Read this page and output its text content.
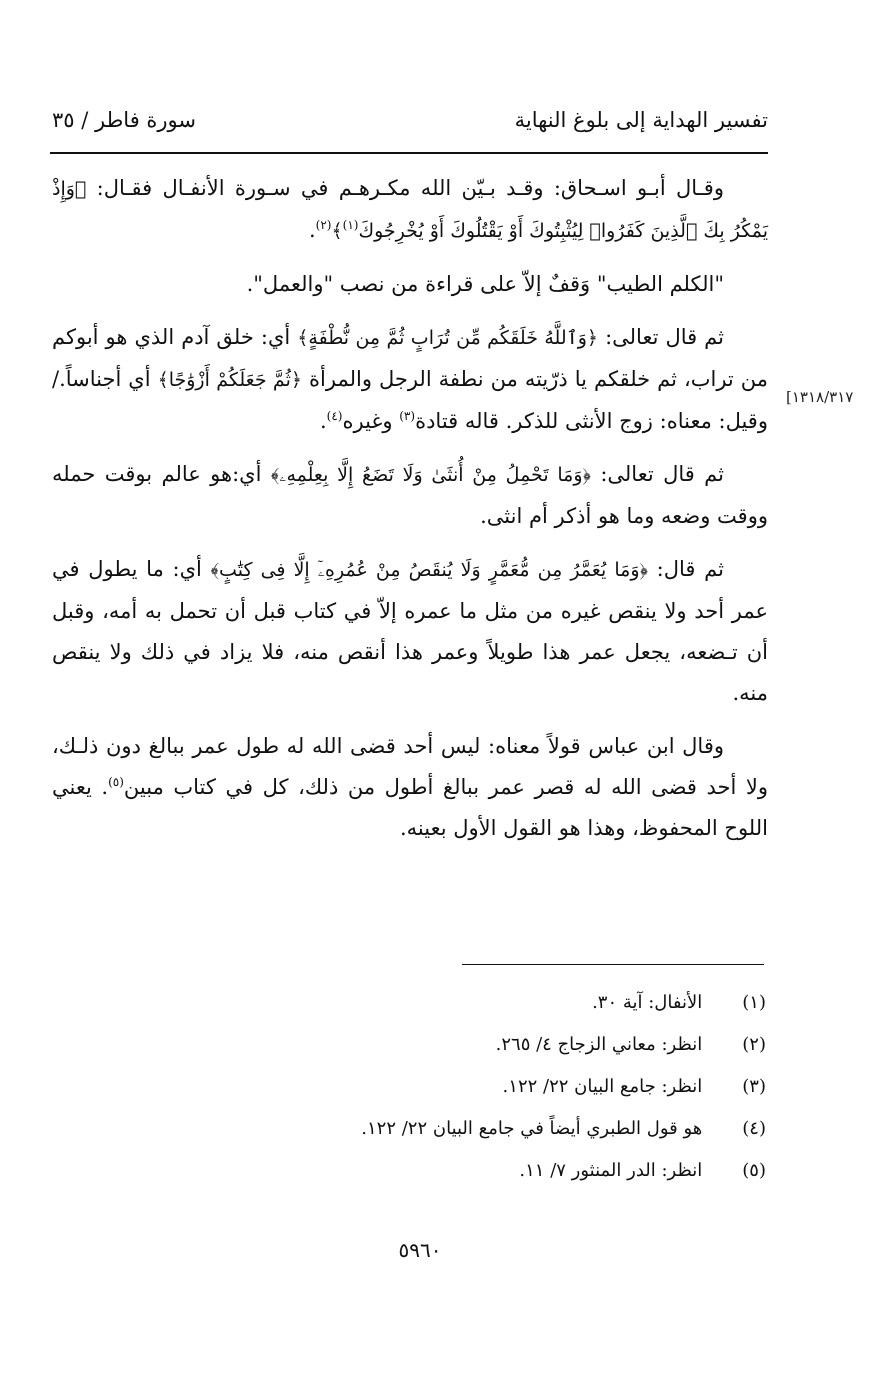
تفسير الهداية إلى بلوغ النهاية
سورة فاطر / ٣٥
[١٣١٨/٣١٧

وقـال أبـو اسـحاق: وقـد بـيّن الله مكـرهـم في سـورة الأنفـال فقـال: ﴿وَإِذْ يَمْكُرُ بِكَ ٱلَّذِينَ كَفَرُوا۟ لِيُثْبِتُوكَ أَوْ يَقْتُلُوكَ أَوْ يُخْرِجُوكَ$^{(١)}$﴾$^{(٢)}$.

"الكلم الطيب" وَقفٌ إلاّ على قراءة من نصب "والعمل".

ثم قال تعالى: ﴿وَٱللَّهُ خَلَقَكُم مِّن تُرَابٍ ثُمَّ مِن نُّطْفَةٍ﴾ أي: خلق آدم الذي هو أبوكم من تراب، ثم خلقكم يا ذرّيته من نطفة الرجل والمرأة ﴿ثُمَّ جَعَلَكُمْ أَزْوَٰجًا﴾ أي أجناساً./ وقيل: معناه: زوج الأنثى للذكر. قاله قتادة$^{(٣)}$ وغيره$^{(٤)}$.

ثم قال تعالى: ﴿وَمَا تَحْمِلُ مِنْ أُنثَىٰ وَلَا تَضَعُ إِلَّا بِعِلْمِهِۦ﴾ أي:هو عالم بوقت حمله ووقت وضعه وما هو أذكر أم انثى.

ثم قال: ﴿وَمَا يُعَمَّرُ مِن مُّعَمَّرٍ وَلَا يُنقَصُ مِنْ عُمُرِهِۦٓ إِلَّا فِى كِتَٰبٍ﴾ أي: ما يطول في عمر أحد ولا ينقص غيره من مثل ما عمره إلاّ في كتاب قبل أن تحمل به أمه، وقبل أن تـضعه، يجعل عمر هذا طويلاً وعمر هذا أنقص منه، فلا يزاد في ذلك ولا ينقص منه.

وقال ابن عباس قولاً معناه: ليس أحد قضى الله له طول عمر ببالغ دون ذلـك، ولا أحد قضى الله له قصر عمر ببالغ أطول من ذلك، كل في كتاب مبين$^{(٥)}$. يعني اللوح المحفوظ، وهذا هو القول الأول بعينه.

(١) الأنفال: آية ٣٠.
(٢) انظر: معاني الزجاج ٤/ ٢٦٥.
(٣) انظر: جامع البيان ٢٢/ ١٢٢.
(٤) هو قول الطبري أيضاً في جامع البيان ٢٢/ ١٢٢.
(٥) انظر: الدر المنثور ٧/ ١١.
٥٩٦٠
